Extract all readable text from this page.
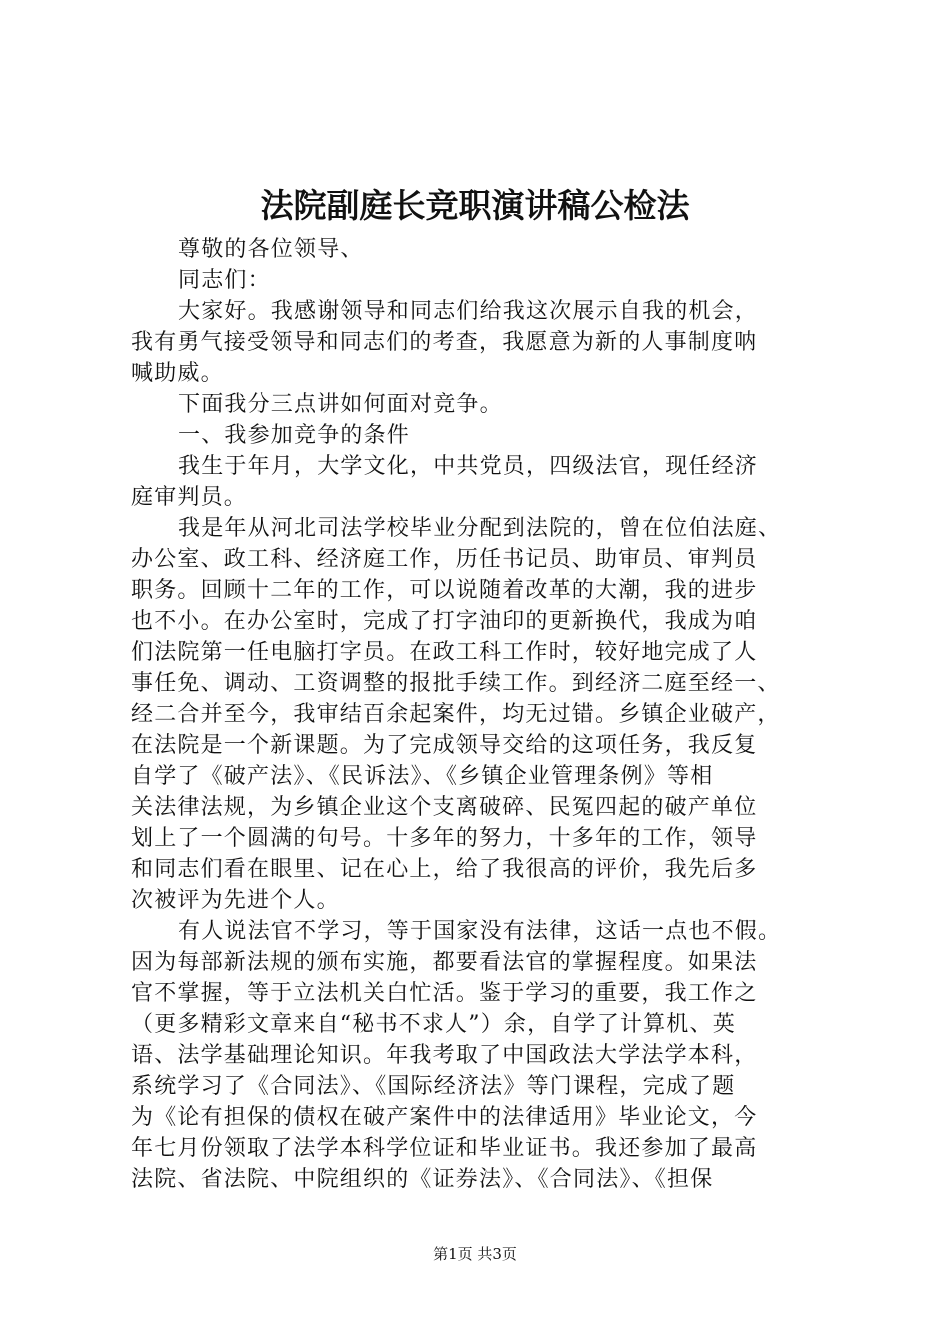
法院副庭长竞职演讲稿公检法
尊敬的各位领导、
同志们：
大家好。我感谢领导和同志们给我这次展示自我的机会，
我有勇气接受领导和同志们的考查，我愿意为新的人事制度呐
喊助威。
下面我分三点讲如何面对竞争。
一、我参加竞争的条件
我生于年月，大学文化，中共党员，四级法官，现任经济
庭审判员。
我是年从河北司法学校毕业分配到法院的，曾在位伯法庭、
办公室、政工科、经济庭工作，历任书记员、助审员、审判员
职务。回顾十二年的工作，可以说随着改革的大潮，我的进步
也不小。在办公室时，完成了打字油印的更新换代，我成为咱
们法院第一任电脑打字员。在政工科工作时，较好地完成了人
事任免、调动、工资调整的报批手续工作。到经济二庭至经一、
经二合并至今，我审结百余起案件，均无过错。乡镇企业破产，
在法院是一个新课题。为了完成领导交给的这项任务，我反复
自学了《破产法》、《民诉法》、《乡镇企业管理条例》等相
关法律法规，为乡镇企业这个支离破碎、民冤四起的破产单位
划上了一个圆满的句号。十多年的努力，十多年的工作，领导
和同志们看在眼里、记在心上，给了我很高的评价，我先后多
次被评为先进个人。
有人说法官不学习，等于国家没有法律，这话一点也不假。
因为每部新法规的颁布实施，都要看法官的掌握程度。如果法
官不掌握，等于立法机关白忙活。鉴于学习的重要，我工作之
（更多精彩文章来自“秘书不求人”）余，自学了计算机、英
语、法学基础理论知识。年我考取了中国政法大学法学本科，
系统学习了《合同法》、《国际经济法》等门课程，完成了题
为《论有担保的债权在破产案件中的法律适用》毕业论文，今
年七月份领取了法学本科学位证和毕业证书。我还参加了最高
法院、省法院、中院组织的《证券法》、《合同法》、《担保
第1页 共3页
